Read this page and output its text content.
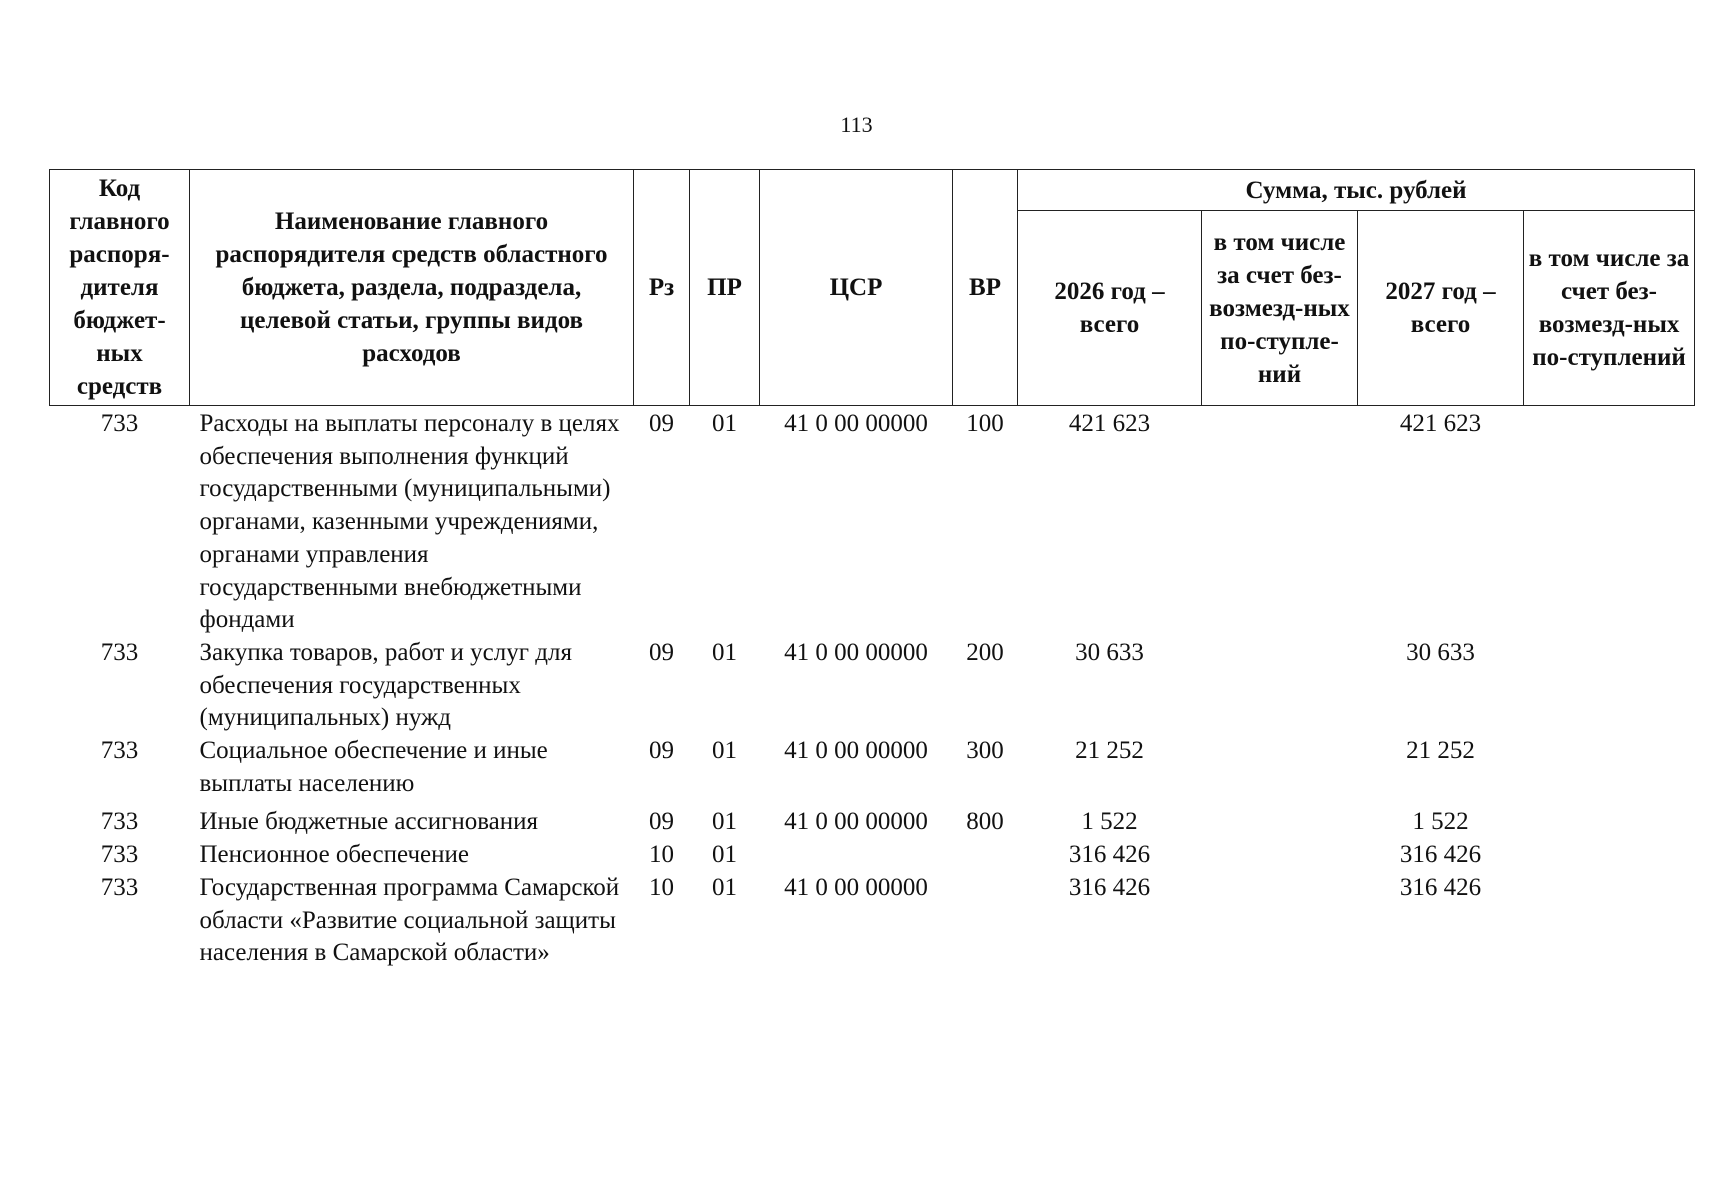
113
Код главного распоря-дителя бюджет-ных средств	Наименование главного распорядителя средств областного бюджета, раздела, подраздела, целевой статьи, группы видов расходов	Рз	ПР	ЦСР	ВР	Сумма, тыс. рублей			
						2026 год – всего	в том числе за счет без-возмезд-ных по-ступле-ний	2027 год – всего	в том числе за счет без-возмезд-ных по-ступлений
733	Расходы на выплаты персоналу в целях обеспечения выполнения функций государственными (муниципальными) органами, казенными учреждениями, органами управления государственными внебюджетными фондами	09	01	41 0 00 00000	100	421 623		421 623	
733	Закупка товаров, работ и услуг для обеспечения государственных (муниципальных) нужд	09	01	41 0 00 00000	200	30 633		30 633	
733	Социальное обеспечение и иные выплаты населению	09	01	41 0 00 00000	300	21 252		21 252	
733	Иные бюджетные ассигнования	09	01	41 0 00 00000	800	1 522		1 522	
733	Пенсионное обеспечение	10	01			316 426		316 426	
733	Государственная программа Самарской области «Развитие социальной защиты населения в Самарской области»	10	01	41 0 00 00000		316 426		316 426	
